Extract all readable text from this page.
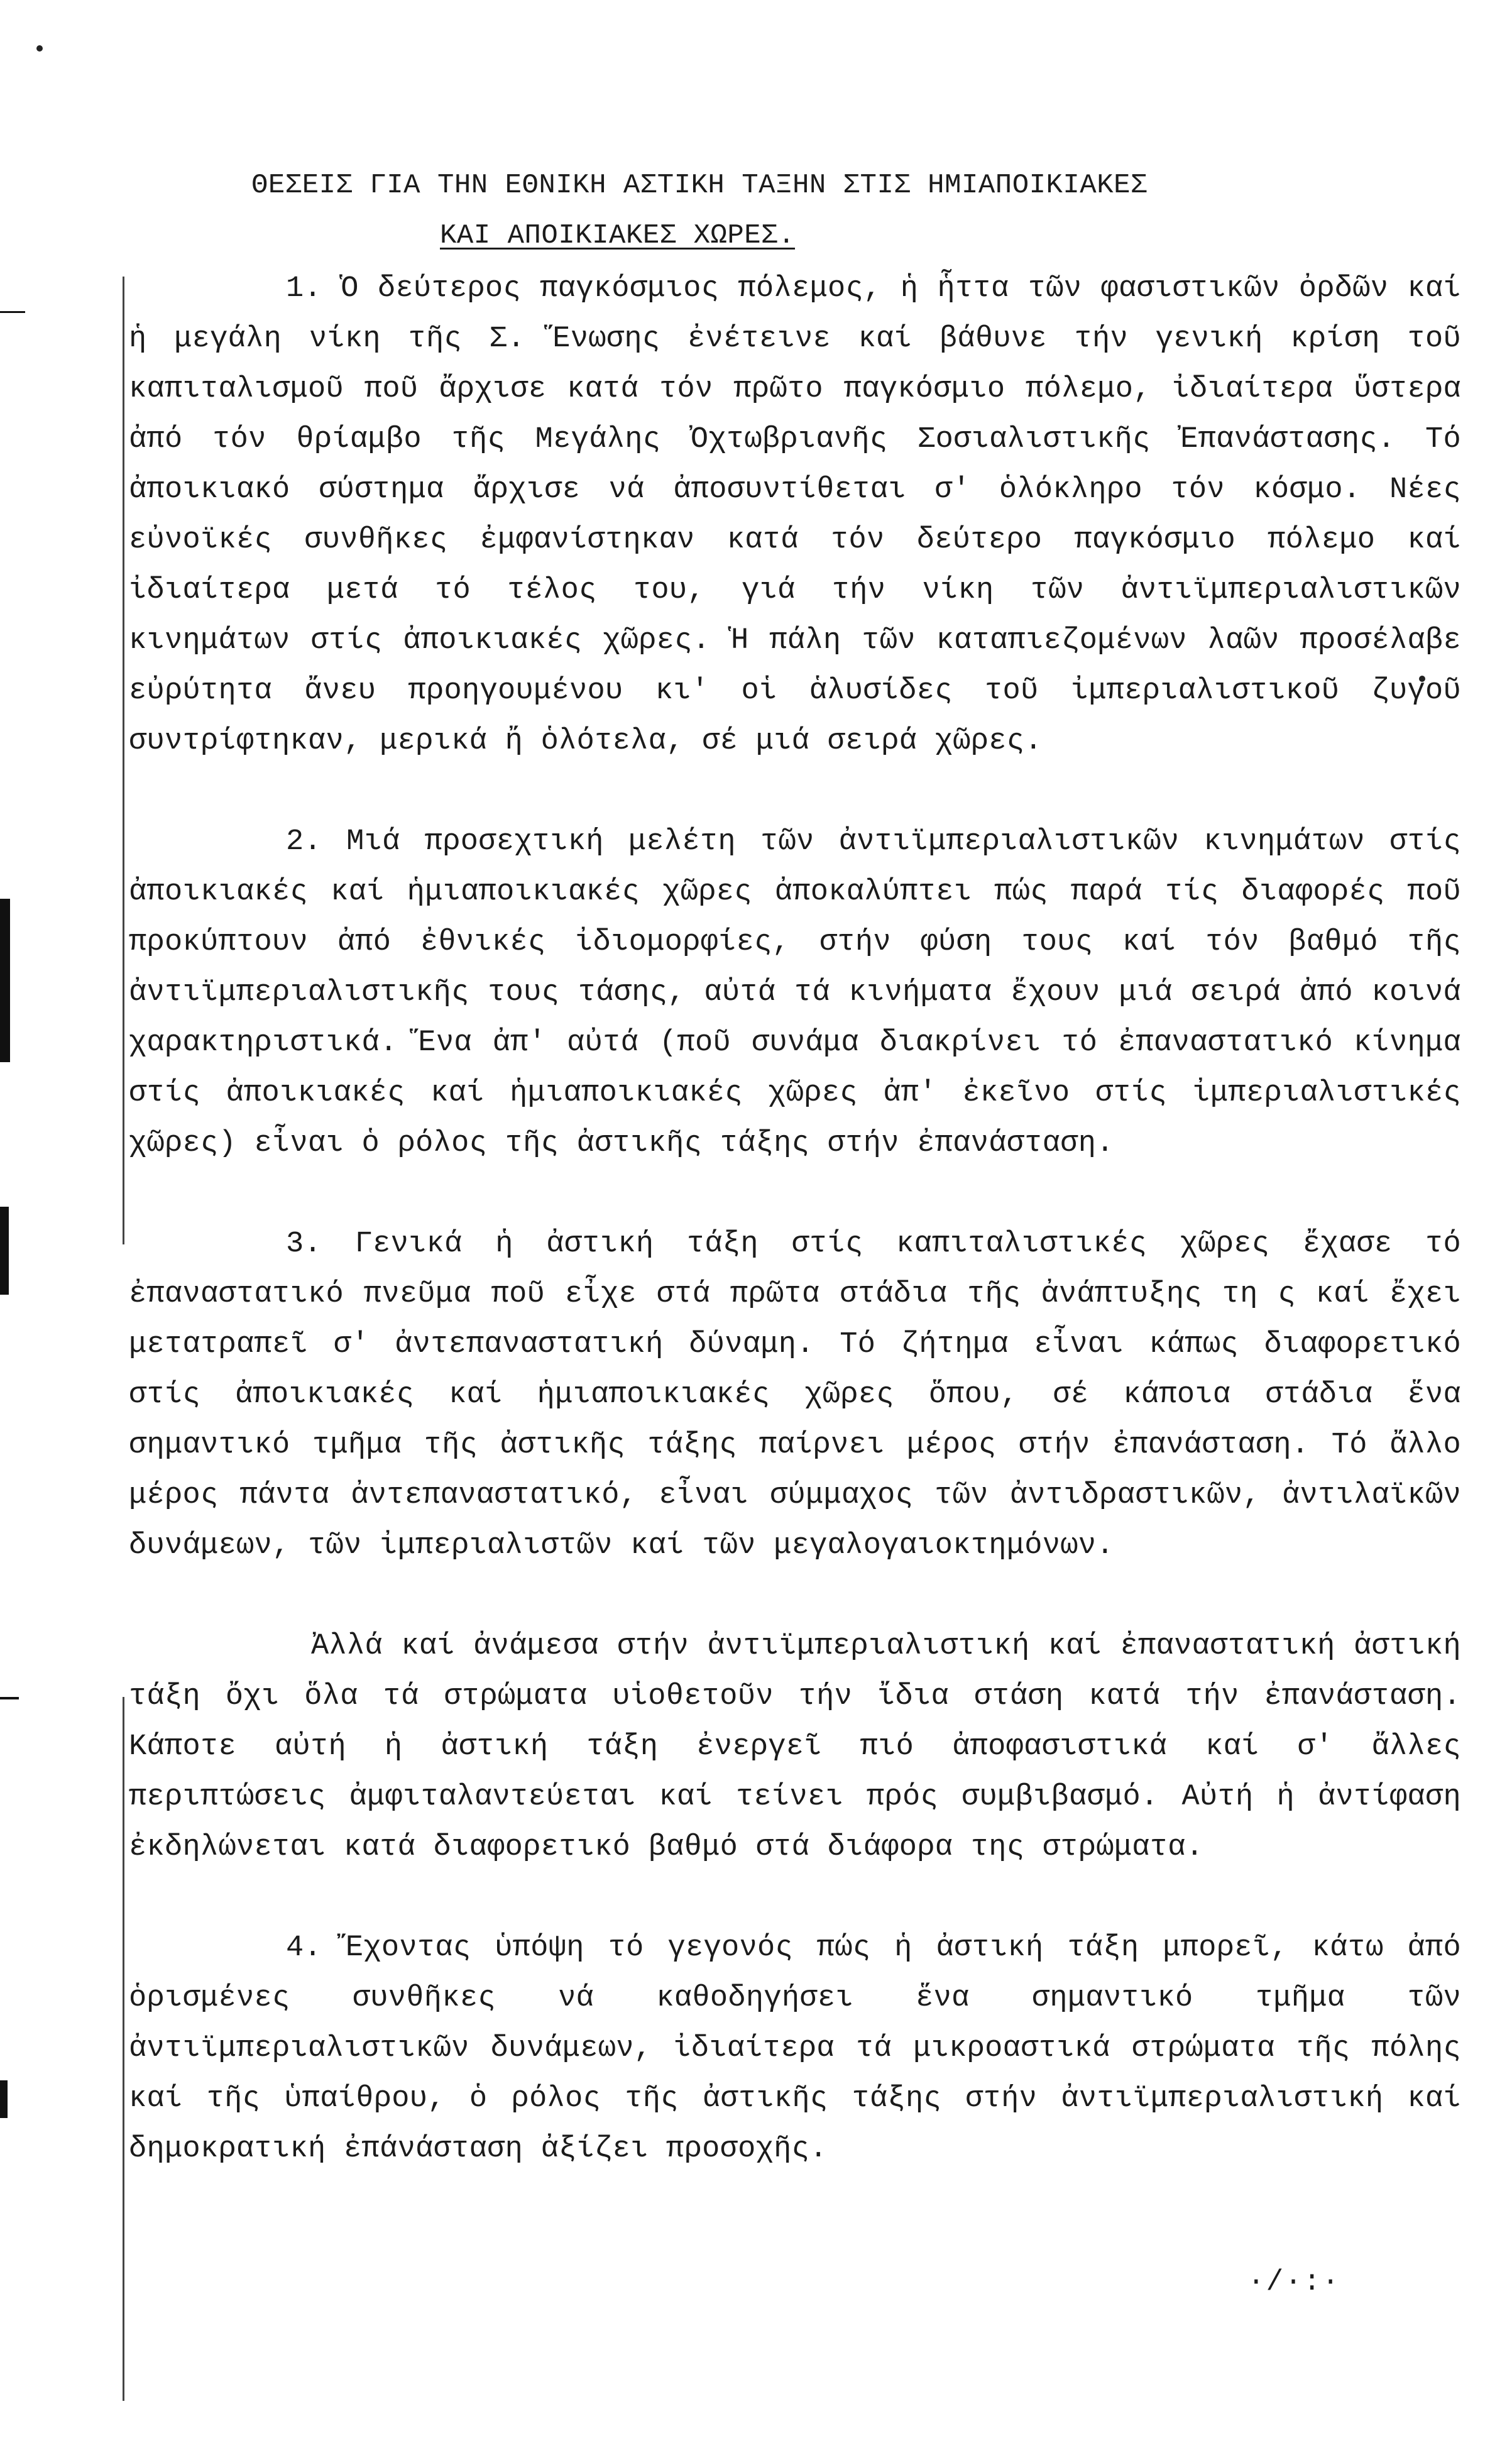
ΘΕΣΕΙΣ ΓΙΑ ΤΗΝ ΕΘΝΙΚΗ ΑΣΤΙΚΗ ΤΑΞΗΝ ΣΤΙΣ ΗΜΙΑΠΟΙΚΙΑΚΕΣ
ΚΑΙ ΑΠΟΙΚΙΑΚΕΣ ΧΩΡΕΣ.

1. Ὁ δεύτερος παγκόσμιος πόλεμος, ἡ ἧττα τῶν φασιστικῶν ὀρδῶν καί ἡ μεγάλη νίκη τῆς Σ. Ἕνωσης ἐνέτεινε καί βάθυνε τήν γενική κρίση τοῦ καπιταλισμοῦ ποῦ ἄρχισε κατά τόν πρῶτο παγκόσμιο πόλεμο, ἰδιαίτερα ὕστερα ἀπό τόν θρίαμβο τῆς Μεγάλης Ὀχτωβριανῆς Σοσιαλιστικῆς Ἐπανάστασης. Τό ἀποικιακό σύστημα ἄρχισε νά ἀποσυντίθεται σ' ὁλόκληρο τόν κόσμο. Νέες εὐνοϊκές συνθῆκες ἐμφανίστηκαν κατά τόν δεύτερο παγκόσμιο πόλεμο καί ἰδιαίτερα μετά τό τέλος του, γιά τήν νίκη τῶν ἀντιϊμπεριαλιστικῶν κινημάτων στίς ἀποικιακές χῶρες. Ἡ πάλη τῶν καταπιεζομένων λαῶν προσέλαβε εὐρύτητα ἄνευ προηγουμένου κι' οἱ ἁλυσίδες τοῦ ἰμπεριαλιστικοῦ ζυγοῦ συντρίφτηκαν, μερικά ἤ ὁλότελα, σέ μιά σειρά χῶρες.

2. Μιά προσεχτική μελέτη τῶν ἀντιϊμπεριαλιστικῶν κινημάτων στίς ἀποικιακές καί ἡμιαποικιακές χῶρες ἀποκαλύπτει πώς παρά τίς διαφορές ποῦ προκύπτουν ἀπό ἐθνικές ἰδιομορφίες, στήν φύση τους καί τόν βαθμό τῆς ἀντιϊμπεριαλιστικῆς τους τάσης, αὐτά τά κινήματα ἔχουν μιά σειρά ἀπό κοινά χαρακτηριστικά. Ἕνα ἀπ' αὐτά (ποῦ συνάμα διακρίνει τό ἐπαναστατικό κίνημα στίς ἀποικιακές καί ἡμιαποικιακές χῶρες ἀπ' ἐκεῖνο στίς ἰμπεριαλιστικές χῶρες) εἶναι ὁ ρόλος τῆς ἀστικῆς τάξης στήν ἐπανάσταση.

3. Γενικά ἡ ἀστική τάξη στίς καπιταλιστικές χῶρες ἔχασε τό ἐπαναστατικό πνεῦμα ποῦ εἶχε στά πρῶτα στάδια τῆς ἀνάπτυξης τη ς καί ἔχει μετατραπεῖ σ' ἀντεπαναστατική δύναμη. Τό ζήτημα εἶναι κάπως διαφορετικό στίς ἀποικιακές καί ἡμιαποικιακές χῶρες ὅπου, σέ κάποια στάδια ἕνα σημαντικό τμῆμα τῆς ἀστικῆς τάξης παίρνει μέρος στήν ἐπανάσταση. Τό ἄλλο μέρος πάντα ἀντεπαναστατικό, εἶναι σύμμαχος τῶν ἀντιδραστικῶν, ἀντιλαϊκῶν δυνάμεων, τῶν ἰμπεριαλιστῶν καί τῶν μεγαλογαιοκτημόνων.

Ἀλλά καί ἀνάμεσα στήν ἀντιϊμπεριαλιστική καί ἐπαναστατική ἀστική τάξη ὄχι ὅλα τά στρώματα υἱοθετοῦν τήν ἴδια στάση κατά τήν ἐπανάσταση. Κάποτε αὐτή ἡ ἀστική τάξη ἐνεργεῖ πιό ἀποφασιστικά καί σ' ἄλλες περιπτώσεις ἀμφιταλαντεύεται καί τείνει πρός συμβιβασμό. Αὐτή ἡ ἀντίφαση ἐκδηλώνεται κατά διαφορετικό βαθμό στά διάφορα της στρώματα.

4. Ἔχοντας ὑπόψη τό γεγονός πώς ἡ ἀστική τάξη μπορεῖ, κάτω ἀπό ὁρισμένες συνθῆκες νά καθοδηγήσει ἕνα σημαντικό τμῆμα τῶν ἀντιϊμπεριαλιστικῶν δυνάμεων, ἰδιαίτερα τά μικροαστικά στρώματα τῆς πόλης καί τῆς ὑπαίθρου, ὁ ρόλος τῆς ἀστικῆς τάξης στήν ἀντιϊμπεριαλιστική καί δημοκρατική ἐπάνάσταση ἀξίζει προσοχῆς.

·/·:·
